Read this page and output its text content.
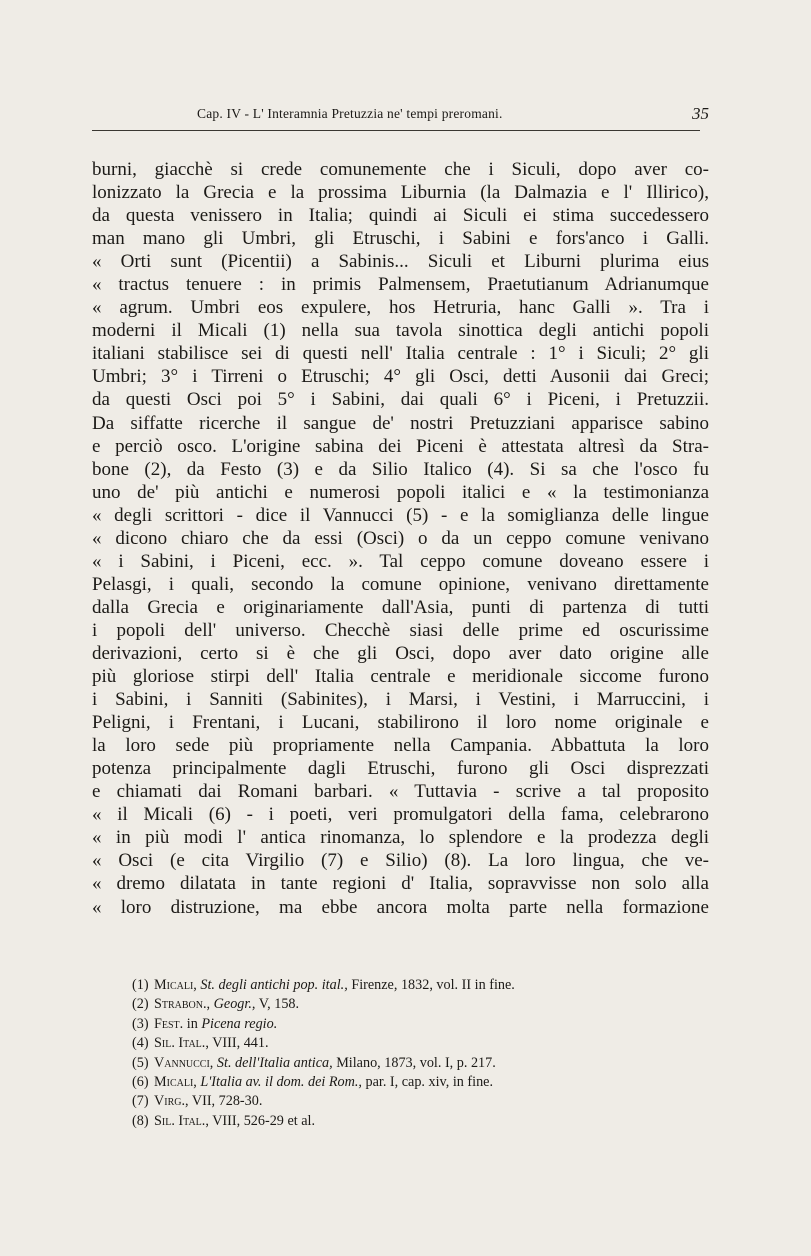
Cap. IV - L' Interamnia Pretuzzia ne' tempi preromani.	35
burni, giacchè si crede comunemente che i Siculi, dopo aver co-
lonizzato la Grecia e la prossima Liburnia (la Dalmazia e l' Illirico),
da questa venissero in Italia; quindi ai Siculi ei stima succedessero
man mano gli Umbri, gli Etruschi, i Sabini e fors'anco i Galli.
« Orti sunt (Picentii) a Sabinis... Siculi et Liburni plurima eius
« tractus tenuere : in primis Palmensem, Praetutianum Adrianumque
« agrum. Umbri eos expulere, hos Hetruria, hanc Galli ». Tra i
moderni il Micali (1) nella sua tavola sinottica degli antichi popoli
italiani stabilisce sei di questi nell' Italia centrale : 1° i Siculi; 2° gli
Umbri; 3° i Tirreni o Etruschi; 4° gli Osci, detti Ausonii dai Greci;
da questi Osci poi 5° i Sabini, dai quali 6° i Piceni, i Pretuzzii.
Da siffatte ricerche il sangue de' nostri Pretuzziani apparisce sabino
e perciò osco. L'origine sabina dei Piceni è attestata altresì da Stra-
bone (2), da Festo (3) e da Silio Italico (4). Si sa che l'osco fu
uno de' più antichi e numerosi popoli italici e « la testimonianza
« degli scrittori - dice il Vannucci (5) - e la somiglianza delle lingue
« dicono chiaro che da essi (Osci) o da un ceppo comune venivano
« i Sabini, i Piceni, ecc. ». Tal ceppo comune doveano essere i
Pelasgi, i quali, secondo la comune opinione, venivano direttamente
dalla Grecia e originariamente dall'Asia, punti di partenza di tutti
i popoli dell' universo. Checchè siasi delle prime ed oscurissime
derivazioni, certo si è che gli Osci, dopo aver dato origine alle
più gloriose stirpi dell' Italia centrale e meridionale siccome furono
i Sabini, i Sanniti (Sabinites), i Marsi, i Vestini, i Marruccini, i
Peligni, i Frentani, i Lucani, stabilirono il loro nome originale e
la loro sede più propriamente nella Campania. Abbattuta la loro
potenza principalmente dagli Etruschi, furono gli Osci disprezzati
e chiamati dai Romani barbari. « Tuttavia - scrive a tal proposito
« il Micali (6) - i poeti, veri promulgatori della fama, celebrarono
« in più modi l' antica rinomanza, lo splendore e la prodezza degli
« Osci (e cita Virgilio (7) e Silio) (8). La loro lingua, che ve-
« dremo dilatata in tante regioni d' Italia, sopravvisse non solo alla
« loro distruzione, ma ebbe ancora molta parte nella formazione
(1) Micali, St. degli antichi pop. ital., Firenze, 1832, vol. II in fine.
(2) Strabon., Geogr., V, 158.
(3) Fest. in Picena regio.
(4) Sil. Ital., VIII, 441.
(5) Vannucci, St. dell'Italia antica, Milano, 1873, vol. I, p. 217.
(6) Micali, L'Italia av. il dom. dei Rom., par. I, cap. xiv, in fine.
(7) Virg., VII, 728-30.
(8) Sil. Ital., VIII, 526-29 et al.
